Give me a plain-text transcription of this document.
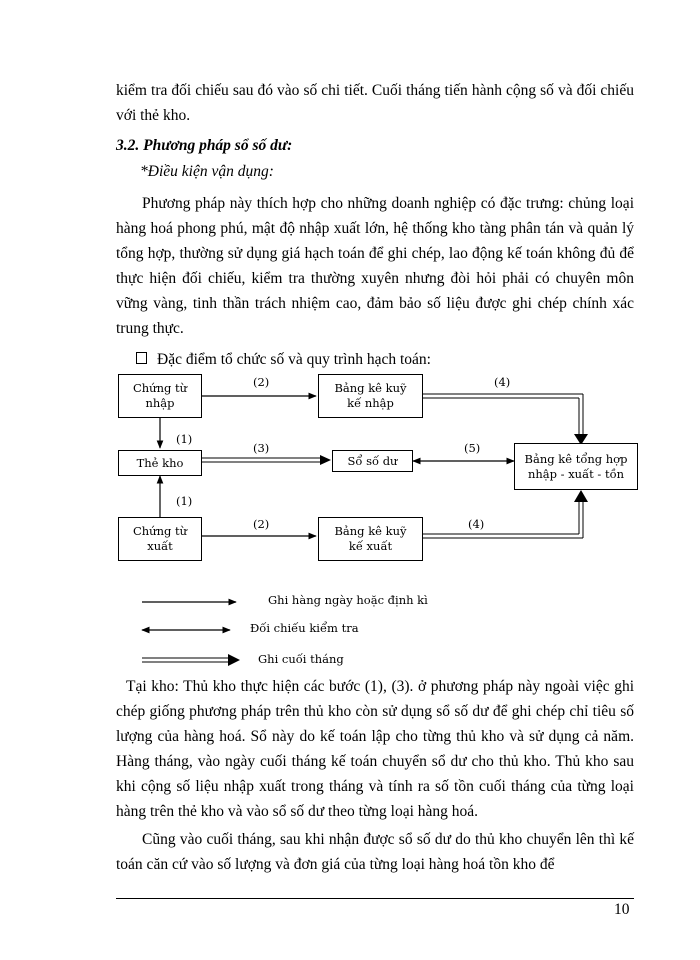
kiểm tra đối chiếu sau đó vào số chi tiết. Cuối tháng tiến hành cộng số và đối chiếu với thẻ kho.

3.2. Phương pháp sổ số dư:

*Điều kiện vận dụng:

Phương pháp này thích hợp cho những doanh nghiệp có đặc trưng: chủng loại hàng hoá phong phú, mật độ nhập xuất lớn, hệ thống kho tàng phân tán và quản lý tổng hợp, thường sử dụng giá hạch toán để ghi chép, lao động kế toán không đủ để thực hiện đối chiếu, kiểm tra thường xuyên nhưng đòi hỏi phải có chuyên môn vững vàng, tinh thần trách nhiệm cao, đảm bảo số liệu được ghi chép chính xác trung thực.

Đặc điểm tổ chức số và quy trình hạch toán:

Chứng từ
nhập
Bảng kê kuỹ
kế nhập
Thẻ kho	Sổ số dư	Bảng kê tổng hợp
nhập - xuất - tồn
Chứng từ
xuất
Bảng kê kuỹ
kế xuất
(2)	(4)
(1)
(3)	(5)
(1)
(2)	(4)
Ghi hàng ngày hoặc định kì
Đối chiếu kiểm tra
Ghi cuối tháng

Tại kho: Thủ kho thực hiện các bước (1), (3). ở phương pháp này ngoài việc ghi chép giống phương pháp trên thủ kho còn sử dụng sổ số dư để ghi chép chỉ tiêu số lượng của hàng hoá. Sổ này do kế toán lập cho từng thủ kho và sử dụng cả năm. Hàng tháng, vào ngày cuối tháng kế toán chuyển sổ dư cho thủ kho. Thủ kho sau khi cộng số liệu nhập xuất trong tháng và tính ra số tồn cuối tháng của từng loại hàng trên thẻ kho và vào sổ số dư theo từng loại hàng hoá.

Cũng vào cuối tháng, sau khi nhận được sổ số dư do thủ kho chuyển lên thì kế toán căn cứ vào số lượng và đơn giá của từng loại hàng hoá tồn kho để

10
